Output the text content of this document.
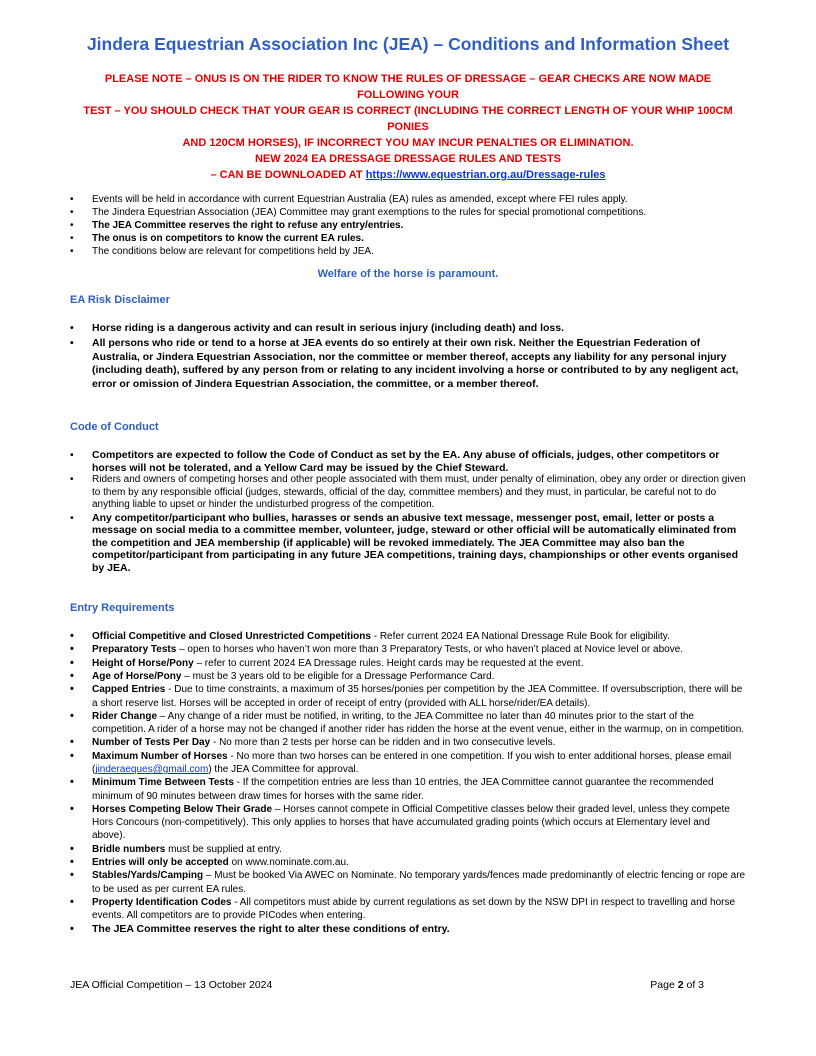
Jindera Equestrian Association Inc (JEA) – Conditions and Information Sheet
PLEASE NOTE – ONUS IS ON THE RIDER TO KNOW THE RULES OF DRESSAGE – GEAR CHECKS ARE NOW MADE FOLLOWING YOUR
TEST – YOU SHOULD CHECK THAT YOUR GEAR IS CORRECT (INCLUDING THE CORRECT LENGTH OF YOUR WHIP 100CM PONIES
AND 120CM HORSES), IF INCORRECT YOU MAY INCUR PENALTIES OR ELIMINATION.
NEW 2024 EA DRESSAGE DRESSAGE RULES AND TESTS
– CAN BE DOWNLOADED AT https://www.equestrian.org.au/Dressage-rules
• Events will be held in accordance with current Equestrian Australia (EA) rules as amended, except where FEI rules apply.
• The Jindera Equestrian Association (JEA) Committee may grant exemptions to the rules for special promotional competitions.
• The JEA Committee reserves the right to refuse any entry/entries.
• The onus is on competitors to know the current EA rules.
• The conditions below are relevant for competitions held by JEA.
Welfare of the horse is paramount.
EA Risk Disclaimer
• Horse riding is a dangerous activity and can result in serious injury (including death) and loss.
• All persons who ride or tend to a horse at JEA events do so entirely at their own risk. Neither the Equestrian Federation of Australia, or Jindera Equestrian Association, nor the committee or member thereof, accepts any liability for any personal injury (including death), suffered by any person from or relating to any incident involving a horse or contributed to by any negligent act, error or omission of Jindera Equestrian Association, the committee, or a member thereof.
Code of Conduct
• Competitors are expected to follow the Code of Conduct as set by the EA. Any abuse of officials, judges, other competitors or horses will not be tolerated, and a Yellow Card may be issued by the Chief Steward.
• Riders and owners of competing horses and other people associated with them must, under penalty of elimination, obey any order or direction given to them by any responsible official (judges, stewards, official of the day, committee members) and they must, in particular, be careful not to do anything liable to upset or hinder the undisturbed progress of the competition.
• Any competitor/participant who bullies, harasses or sends an abusive text message, messenger post, email, letter or posts a message on social media to a committee member, volunteer, judge, steward or other official will be automatically eliminated from the competition and JEA membership (if applicable) will be revoked immediately. The JEA Committee may also ban the competitor/participant from participating in any future JEA competitions, training days, championships or other events organised by JEA.
Entry Requirements
• Official Competitive and Closed Unrestricted Competitions - Refer current 2024 EA National Dressage Rule Book for eligibility.
• Preparatory Tests – open to horses who haven’t won more than 3 Preparatory Tests, or who haven’t placed at Novice level or above.
• Height of Horse/Pony – refer to current 2024 EA Dressage rules. Height cards may be requested at the event.
• Age of Horse/Pony – must be 3 years old to be eligible for a Dressage Performance Card.
• Capped Entries - Due to time constraints, a maximum of 35 horses/ponies per competition by the JEA Committee. If oversubscription, there will be a short reserve list. Horses will be accepted in order of receipt of entry (provided with ALL horse/rider/EA details).
• Rider Change – Any change of a rider must be notified, in writing, to the JEA Committee no later than 40 minutes prior to the start of the competition. A rider of a horse may not be changed if another rider has ridden the horse at the event venue, either in the warmup, on in competition.
• Number of Tests Per Day - No more than 2 tests per horse can be ridden and in two consecutive levels.
• Maximum Number of Horses - No more than two horses can be entered in one competition. If you wish to enter additional horses, please email (jinderaeques@gmail.com) the JEA Committee for approval.
• Minimum Time Between Tests - If the competition entries are less than 10 entries, the JEA Committee cannot guarantee the recommended minimum of 90 minutes between draw times for horses with the same rider.
• Horses Competing Below Their Grade – Horses cannot compete in Official Competitive classes below their graded level, unless they compete Hors Concours (non-competitively). This only applies to horses that have accumulated grading points (which occurs at Elementary level and above).
• Bridle numbers must be supplied at entry.
• Entries will only be accepted on www.nominate.com.au.
• Stables/Yards/Camping – Must be booked Via AWEC on Nominate. No temporary yards/fences made predominantly of electric fencing or rope are to be used as per current EA rules.
• Property Identification Codes - All competitors must abide by current regulations as set down by the NSW DPI in respect to travelling and horse events. All competitors are to provide PICodes when entering.
• The JEA Committee reserves the right to alter these conditions of entry.
JEA Official Competition – 13 October 2024	Page 2 of 3
